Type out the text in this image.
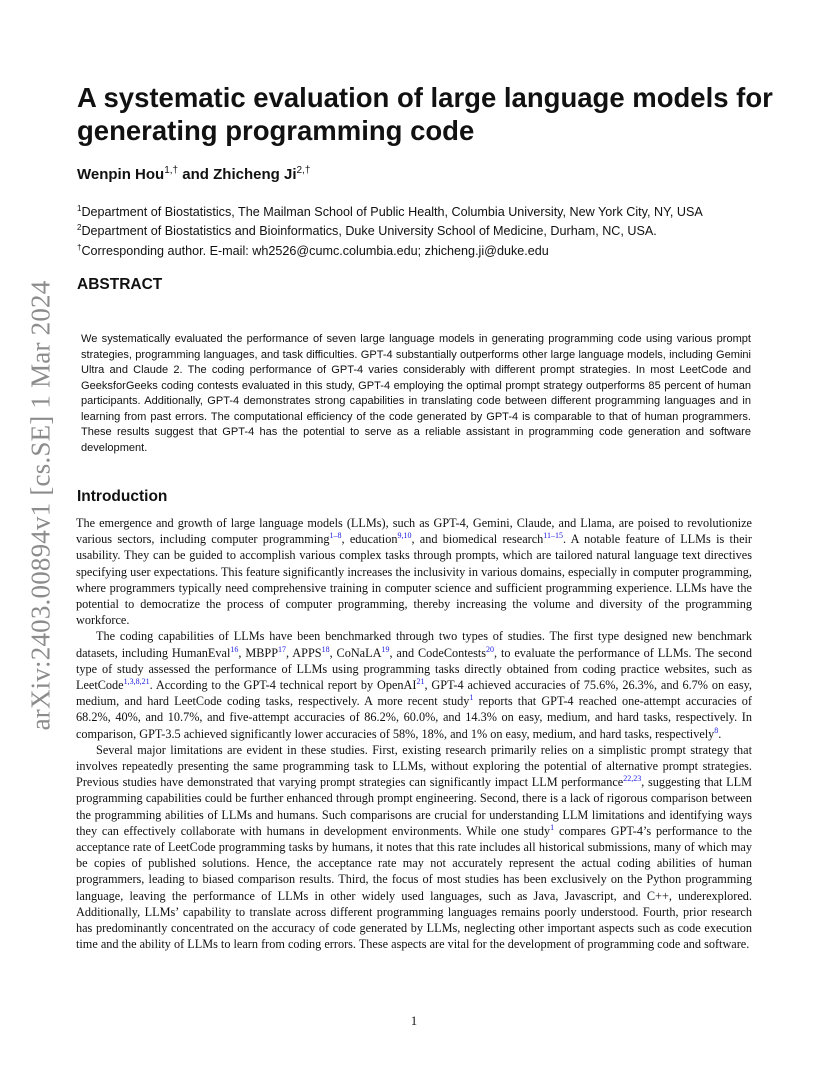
arXiv:2403.00894v1 [cs.SE] 1 Mar 2024
A systematic evaluation of large language models for generating programming code

Wenpin Hou$^{1,\dagger}$ and Zhicheng $Ji^{2,\dagger}$

$^1$Department of Biostatistics, The Mailman School of Public Health, Columbia University, New York City, NY, USA
$^2$Department of Biostatistics and Bioinformatics, Duke University School of Medicine, Durham, NC, USA.
†Corresponding author. E-mail: wh2526@cumc.columbia.edu; zhicheng.ji@duke.edu
ABSTRACT

We systematically evaluated the performance of seven large language models in generating programming code using various prompt strategies, programming languages, and task difficulties. GPT-4 substantially outperforms other large language models, including Gemini Ultra and Claude 2. The coding performance of GPT-4 varies considerably with different prompt strategies. In most LeetCode and GeeksforGeeks coding contests evaluated in this study, GPT-4 employing the optimal prompt strategy outperforms 85 percent of human participants. Additionally, GPT-4 demonstrates strong capabilities in translating code between different programming languages and in learning from past errors. The computational efficiency of the code generated by GPT-4 is comparable to that of human programmers. These results suggest that GPT-4 has the potential to serve as a reliable assistant in programming code generation and software development.

Introduction

The emergence and growth of large language models (LLMs), such as GPT-4, Gemini, Claude, and Llama, are poised to revolutionize various sectors, including computer programming$^{1-8}$, education$^{9,10}$, and biomedical research$^{11-15}$. A notable feature of LLMs is their usability. They can be guided to accomplish various complex tasks through prompts, which are tailored natural language text directives specifying user expectations. This feature significantly increases the inclusivity in various domains, especially in computer programming, where programmers typically need comprehensive training in computer science and sufficient programming experience. LLMs have the potential to democratize the process of computer programming, thereby increasing the volume and diversity of the programming workforce.

The coding capabilities of LLMs have been benchmarked through two types of studies. The first type designed new benchmark datasets, including HumanEval$^{16}$, MBPP$^{17}$, APPS$^{18}$, CoNaLA$^{19}$, and CodeContests$^{20}$, to evaluate the performance of LLMs. The second type of study assessed the performance of LLMs using programming tasks directly obtained from coding practice websites, such as LeetCode$^{1,3,8,21}$. According to the GPT-4 technical report by OpenAI$^{21}$, GPT-4 achieved accuracies of 75.6%, 26.3%, and 6.7% on easy, medium, and hard LeetCode coding tasks, respectively. A more recent study$^1$ reports that GPT-4 reached one-attempt accuracies of 68.2%, 40%, and 10.7%, and five-attempt accuracies of 86.2%, 60.0%, and 14.3% on easy, medium, and hard tasks, respectively. In comparison, GPT-3.5 achieved significantly lower accuracies of 58%, 18%, and 1% on easy, medium, and hard tasks, respectively$^8$.

Several major limitations are evident in these studies. First, existing research primarily relies on a simplistic prompt strategy that involves repeatedly presenting the same programming task to LLMs, without exploring the potential of alternative prompt strategies. Previous studies have demonstrated that varying prompt strategies can significantly impact LLM performance$^{22,23}$, suggesting that LLM programming capabilities could be further enhanced through prompt engineering. Second, there is a lack of rigorous comparison between the programming abilities of LLMs and humans. Such comparisons are crucial for understanding LLM limitations and identifying ways they can effectively collaborate with humans in development environments. While one study$^1$ compares GPT-4’s performance to the acceptance rate of LeetCode programming tasks by humans, it notes that this rate includes all historical submissions, many of which may be copies of published solutions. Hence, the acceptance rate may not accurately represent the actual coding abilities of human programmers, leading to biased comparison results. Third, the focus of most studies has been exclusively on the Python programming language, leaving the performance of LLMs in other widely used languages, such as Java, Javascript, and C++, underexplored. Additionally, LLMs’ capability to translate across different programming languages remains poorly understood. Fourth, prior research has predominantly concentrated on the accuracy of code generated by LLMs, neglecting other important aspects such as code execution time and the ability of LLMs to learn from coding errors. These aspects are vital for the development of programming code and software.

1
